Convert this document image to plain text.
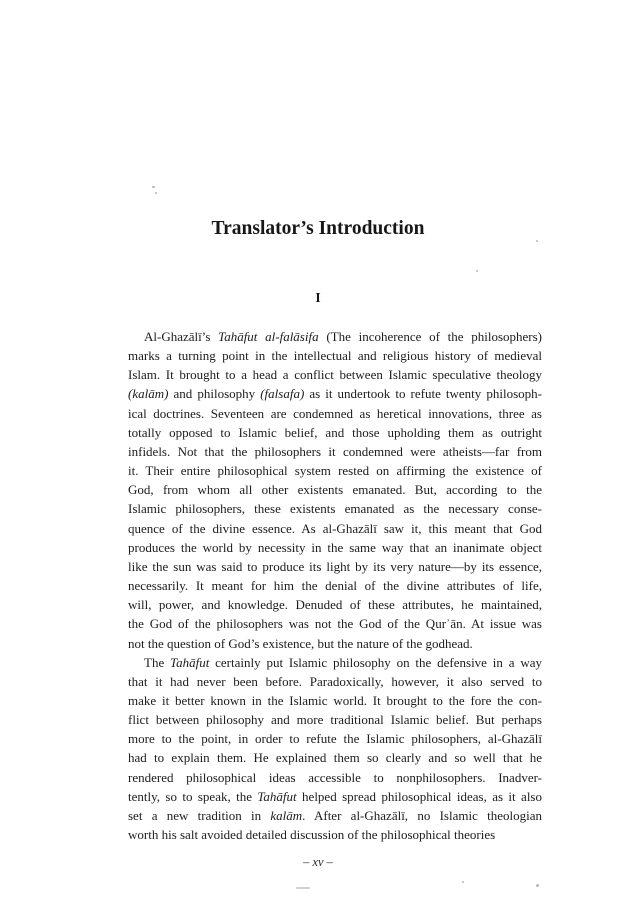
Translator’s Introduction
I
Al-Ghazālī’s Tahāfut al-falāsifa (The incoherence of the philosophers)
marks a turning point in the intellectual and religious history of medieval
Islam. It brought to a head a conflict between Islamic speculative theology
(kalām) and philosophy (falsafa) as it undertook to refute twenty philosoph-
ical doctrines. Seventeen are condemned as heretical innovations, three as
totally opposed to Islamic belief, and those upholding them as outright
infidels. Not that the philosophers it condemned were atheists—far from
it. Their entire philosophical system rested on affirming the existence of
God, from whom all other existents emanated. But, according to the
Islamic philosophers, these existents emanated as the necessary conse-
quence of the divine essence. As al-Ghazālī saw it, this meant that God
produces the world by necessity in the same way that an inanimate object
like the sun was said to produce its light by its very nature—by its essence,
necessarily. It meant for him the denial of the divine attributes of life,
will, power, and knowledge. Denuded of these attributes, he maintained,
the God of the philosophers was not the God of the Qurʾān. At issue was
not the question of God’s existence, but the nature of the godhead.
The Tahāfut certainly put Islamic philosophy on the defensive in a way
that it had never been before. Paradoxically, however, it also served to
make it better known in the Islamic world. It brought to the fore the con-
flict between philosophy and more traditional Islamic belief. But perhaps
more to the point, in order to refute the Islamic philosophers, al-Ghazālī
had to explain them. He explained them so clearly and so well that he
rendered philosophical ideas accessible to nonphilosophers. Inadver-
tently, so to speak, the Tahāfut helped spread philosophical ideas, as it also
set a new tradition in kalām. After al-Ghazālī, no Islamic theologian
worth his salt avoided detailed discussion of the philosophical theories
– xv –
